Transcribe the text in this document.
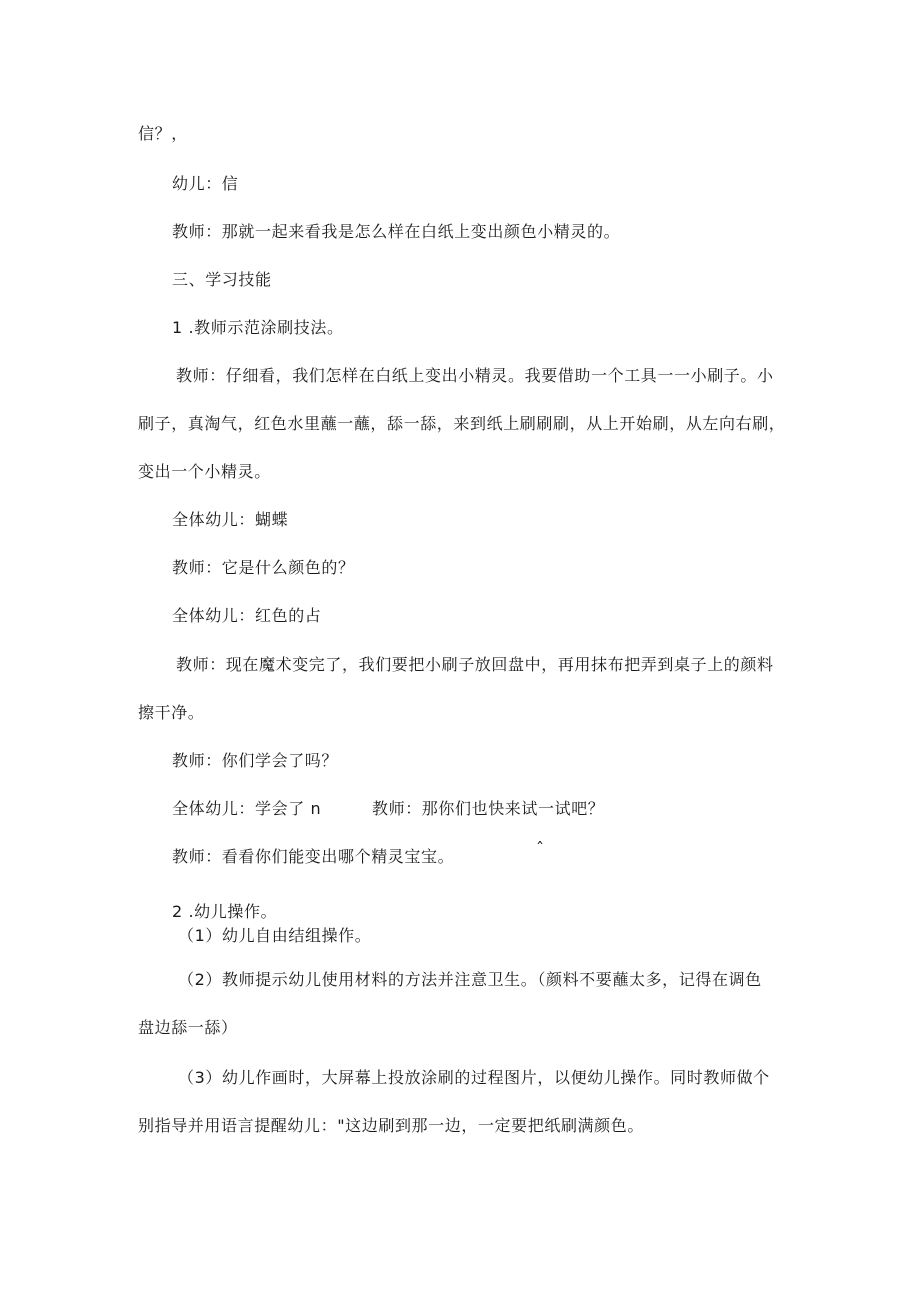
信？，
幼儿：信
教师：那就一起来看我是怎么样在白纸上变出颜色小精灵的。
三、学习技能
1 .教师示范涂刷技法。
教师：仔细看，我们怎样在白纸上变出小精灵。我要借助一个工具一一小刷子。小
刷子，真淘气，红色水里蘸一蘸，舔一舔，来到纸上刷刷刷，从上开始刷，从左向右刷，
变出一个小精灵。
全体幼儿：蝴蝶
教师：它是什么颜色的？
全体幼儿：红色的占
教师：现在魔术变完了，我们要把小刷子放回盘中，再用抹布把弄到桌子上的颜料
擦干净。
教师：你们学会了吗？
全体幼儿：学会了 n	教师：那你们也快来试一试吧？
教师：看看你们能变出哪个精灵宝宝。	ˆ
2 .幼儿操作。
（1）幼儿自由结组操作。
（2）教师提示幼儿使用材料的方法并注意卫生。（颜料不要蘸太多，记得在调色
盘边舔一舔）
（3）幼儿作画时，大屏幕上投放涂刷的过程图片，以便幼儿操作。同时教师做个
别指导并用语言提醒幼儿："这边刷到那一边，一定要把纸刷满颜色。
